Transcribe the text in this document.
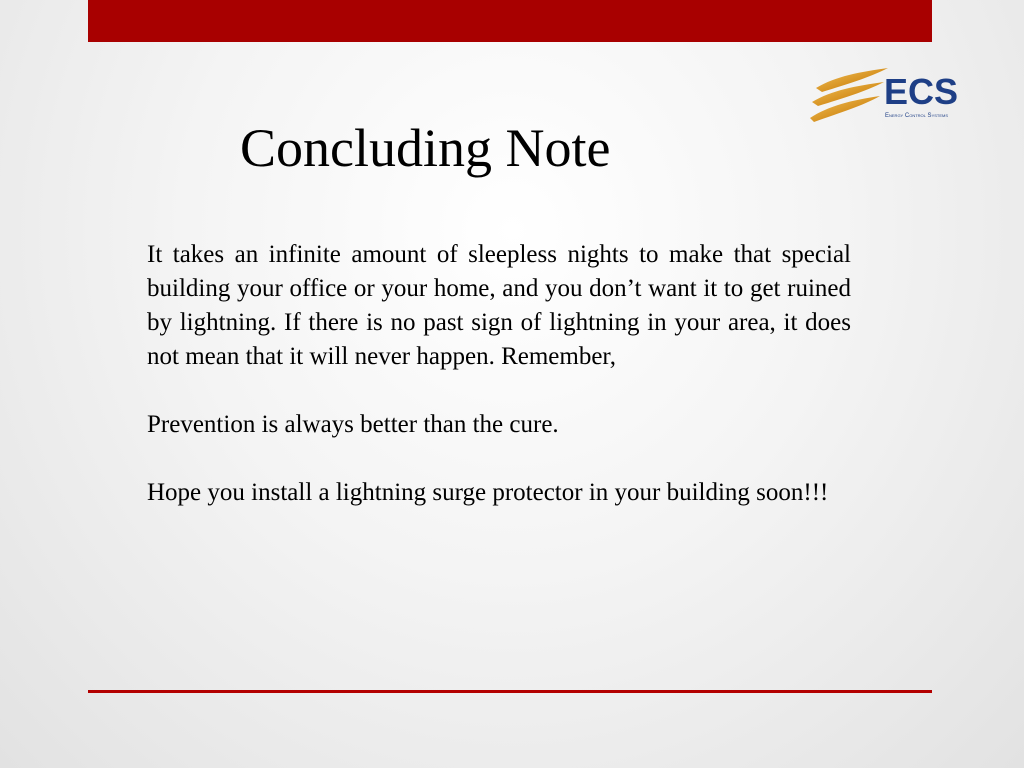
ECS
Energy Control Systems
Concluding Note

It takes an infinite amount of sleepless nights to make that special building your office or your home, and you don’t want it to get ruined by lightning. If there is no past sign of lightning in your area, it does not mean that it will never happen. Remember,

Prevention is always better than the cure.

Hope you install a lightning surge protector in your building soon!!!
